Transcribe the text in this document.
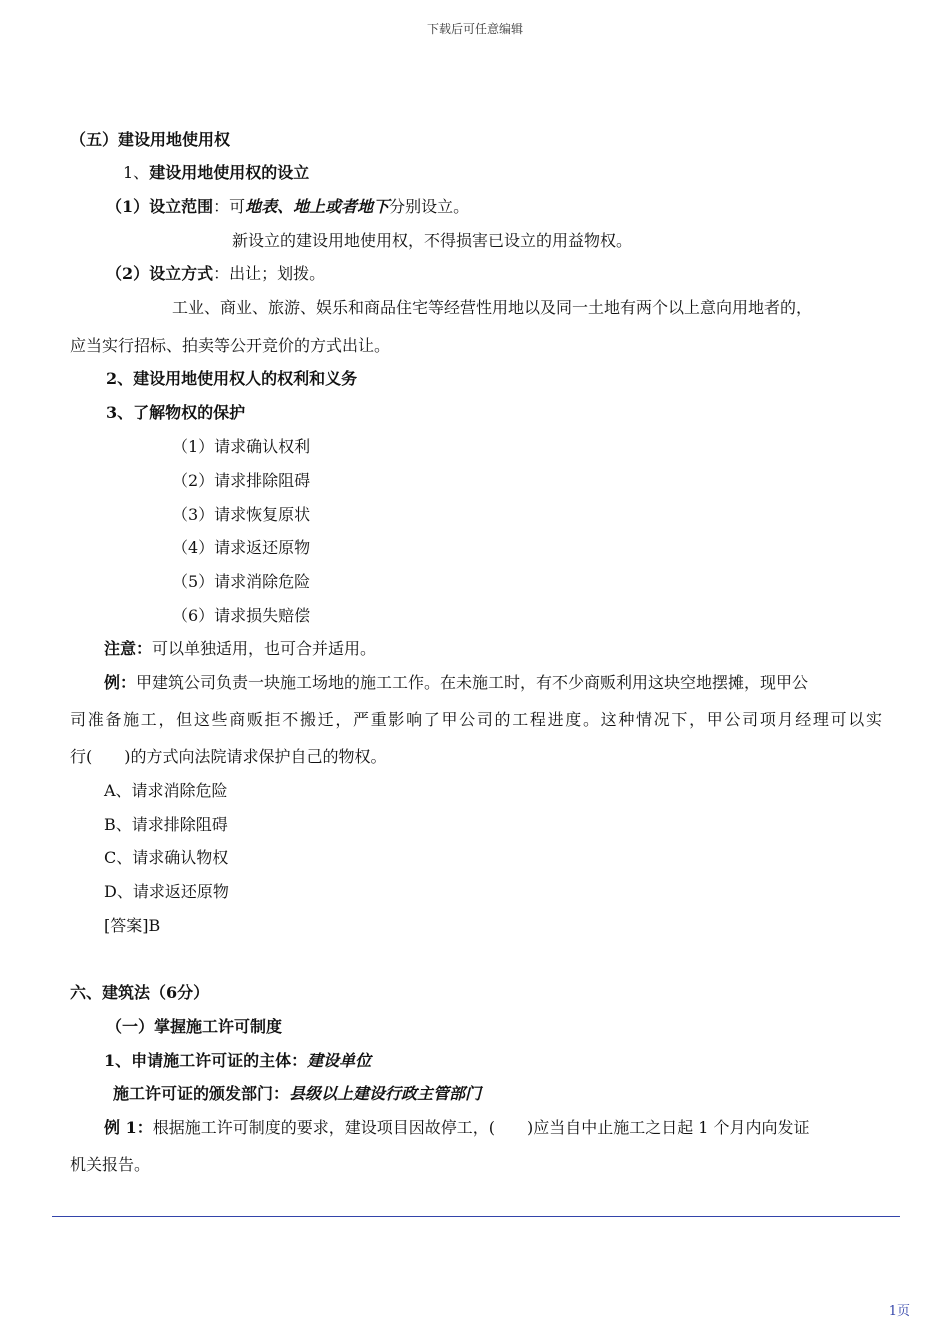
下载后可任意编辑
（五）建设用地使用权
1、建设用地使用权的设立
（1）设立范围：可地表、地上或者地下分别设立。
新设立的建设用地使用权，不得损害已设立的用益物权。
（2）设立方式：出让；划拨。
工业、商业、旅游、娱乐和商品住宅等经营性用地以及同一土地有两个以上意向用地者的，
应当实行招标、拍卖等公开竞价的方式出让。
2、建设用地使用权人的权利和义务
3、了解物权的保护
（1）请求确认权利
（2）请求排除阻碍
（3）请求恢复原状
（4）请求返还原物
（5）请求消除危险
（6）请求损失赔偿
注意：可以单独适用，也可合并适用。
例：甲建筑公司负责一块施工场地的施工工作。在未施工时，有不少商贩利用这块空地摆摊，现甲公
司准备施工，但这些商贩拒不搬迁，严重影响了甲公司的工程进度。这种情况下，甲公司项月经理可以实
行(　　)的方式向法院请求保护自己的物权。
A、请求消除危险
B、请求排除阻碍
C、请求确认物权
D、请求返还原物
[答案]B
六、建筑法（6分）
（一）掌握施工许可制度
1、申请施工许可证的主体：建设单位
施工许可证的颁发部门：县级以上建设行政主管部门
例 1：根据施工许可制度的要求，建设项目因故停工，(　　)应当自中止施工之日起 1 个月内向发证
机关报告。
1页
